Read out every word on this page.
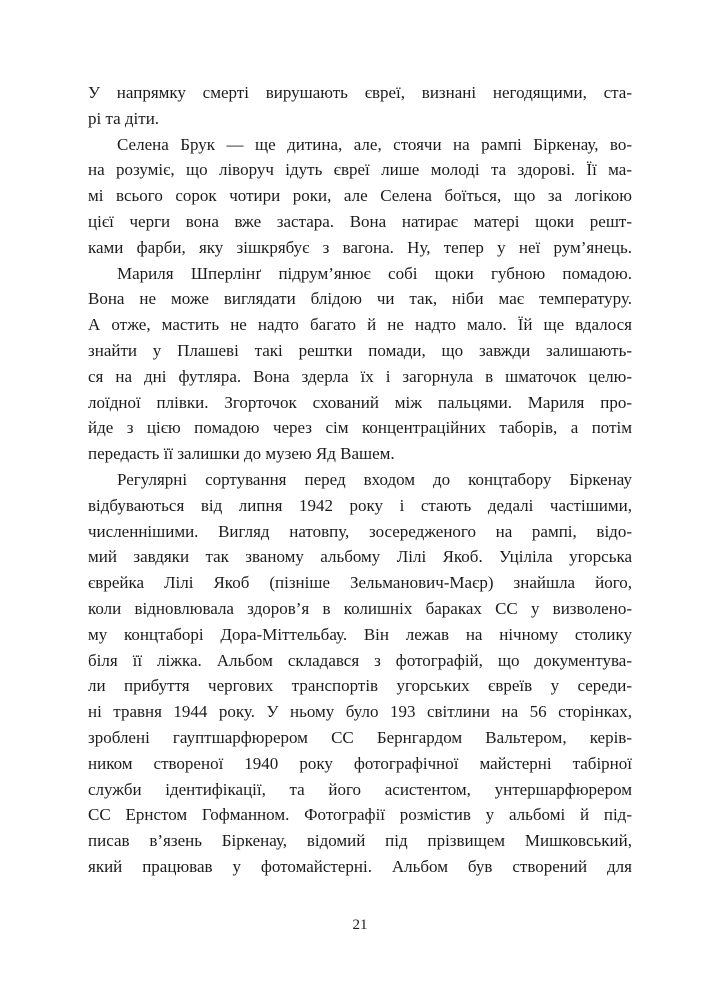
У напрямку смерті вирушають євреї, визнані негодящими, ста-
рі та діти.
Селена Брук — ще дитина, але, стоячи на рампі Біркенау, во-
на розуміє, що ліворуч ідуть євреї лише молоді та здорові. Її ма-
мі всього сорок чотири роки, але Селена боїться, що за логікою
цієї черги вона вже застара. Вона натирає матері щоки решт-
ками фарби, яку зішкрябує з вагона. Ну, тепер у неї рум’янець.
Мариля Шперлінґ підрум’янює собі щоки губною помадою.
Вона не може виглядати блідою чи так, ніби має температуру.
А отже, мастить не надто багато й не надто мало. Їй ще вдалося
знайти у Плашеві такі рештки помади, що завжди залишають-
ся на дні футляра. Вона здерла їх і загорнула в шматочок целю-
лоїдної плівки. Згорточок схований між пальцями. Мариля про-
йде з цією помадою через сім концентраційних таборів, а потім
передасть її залишки до музею Яд Вашем.
Регулярні сортування перед входом до концтабору Біркенау
відбуваються від липня 1942 року і стають дедалі частішими,
численнішими. Вигляд натовпу, зосередженого на рампі, відо-
мий завдяки так званому альбому Лілі Якоб. Уціліла угорська
єврейка Лілі Якоб (пізніше Зельманович-Маєр) знайшла його,
коли відновлювала здоров’я в колишніх бараках СС у визволено-
му концтаборі Дора-Міттельбау. Він лежав на нічному столику
біля її ліжка. Альбом складався з фотографій, що документува-
ли прибуття чергових транспортів угорських євреїв у середи-
ні травня 1944 року. У ньому було 193 світлини на 56 сторінках,
зроблені гауптшарфюрером СС Бернгардом Вальтером, керів-
ником створеної 1940 року фотографічної майстерні табірної
служби ідентифікації, та його асистентом, унтершарфюрером
СС Ернстом Гофманном. Фотографії розмістив у альбомі й під-
писав в’язень Біркенау, відомий під прізвищем Мишковський,
який працював у фотомайстерні. Альбом був створений для
21
